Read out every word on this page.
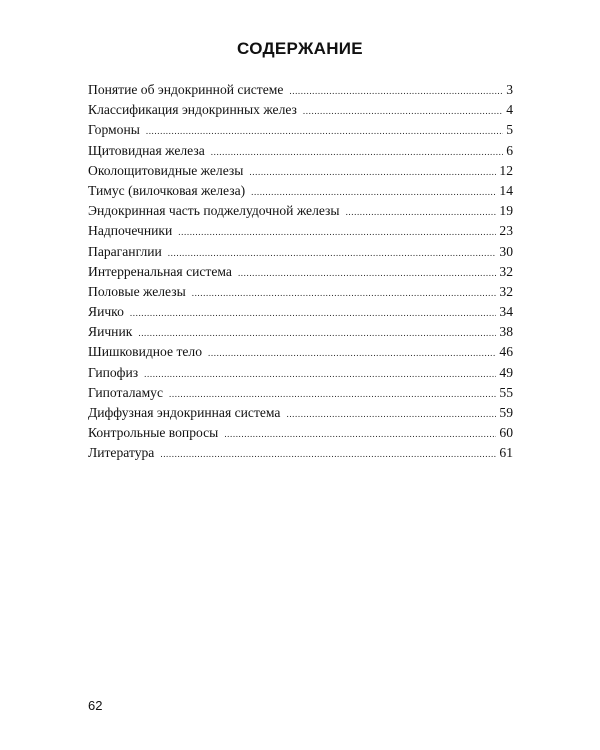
СОДЕРЖАНИЕ
Понятие об эндокринной системе .....	3
Классификация эндокринных желез .....	4
Гормоны .....	5
Щитовидная железа .....	6
Околощитовидные железы .....	12
Тимус (вилочковая железа) .....	14
Эндокринная часть поджелудочной железы .....	19
Надпочечники .....	23
Параганглии .....	30
Интерренальная система .....	32
Половые железы .....	32
Яичко .....	34
Яичник .....	38
Шишковидное тело .....	46
Гипофиз .....	49
Гипоталамус .....	55
Диффузная эндокринная система .....	59
Контрольные вопросы .....	60
Литература .....	61
62
